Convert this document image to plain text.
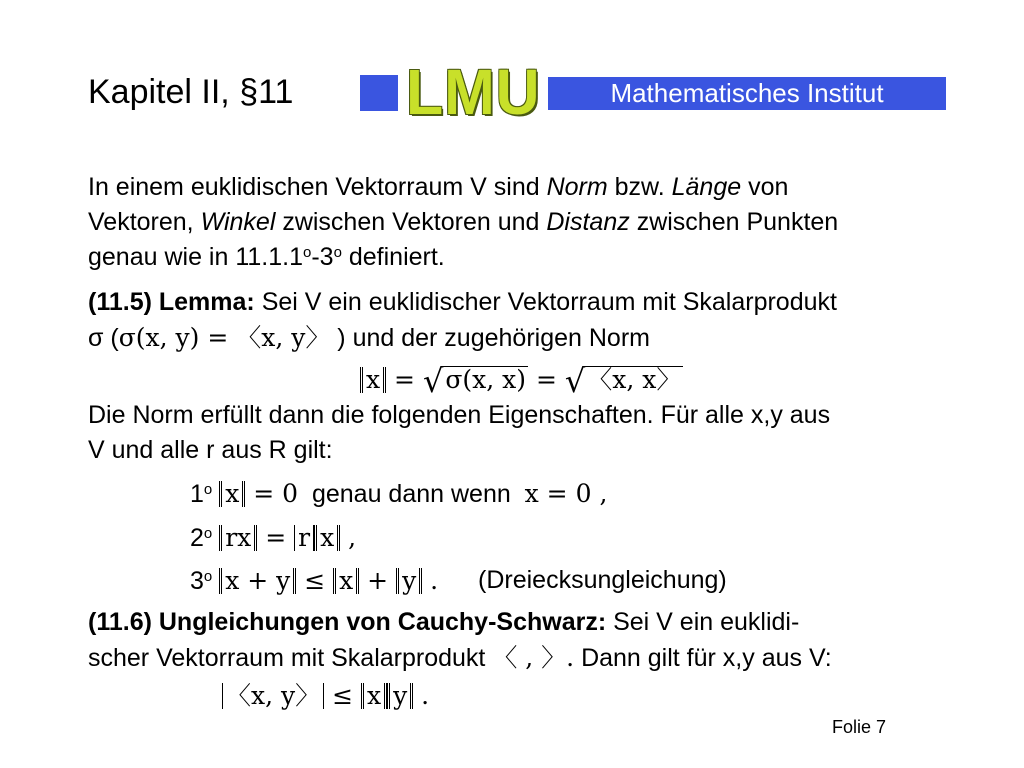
Kapitel II, §11 LMU	Mathematisches Institut
In einem euklidischen Vektorraum V sind Norm bzw. Länge von
Vektoren, Winkel zwischen Vektoren und Distanz zwischen Punkten
genau wie in 11.1.1$^o$-3$^o$ definiert.
(11.5) Lemma: Sei V ein euklidischer Vektorraum mit Skalarprodukt
σ (σ(x, y) = 〈x, y〉 ) und der zugehörigen Norm
x = √σ(x, x) = √〈x, x〉
Die Norm erfüllt dann die folgenden Eigenschaften. Für alle x,y aus
V und alle r aus R gilt:
1$^o$ x = 0  genau dann wenn  x = 0 ,
2$^o$ rx = r x ,
3$^o$ x + y ≤ x + y . (Dreiecksungleichung)
(11.6) Ungleichungen von Cauchy-Schwarz: Sei V ein euklidi-
scher Vektorraum mit Skalarprodukt 〈 , 〉. Dann gilt für x,y aus V:
〈x, y〉 ≤ x y .
Folie 7
